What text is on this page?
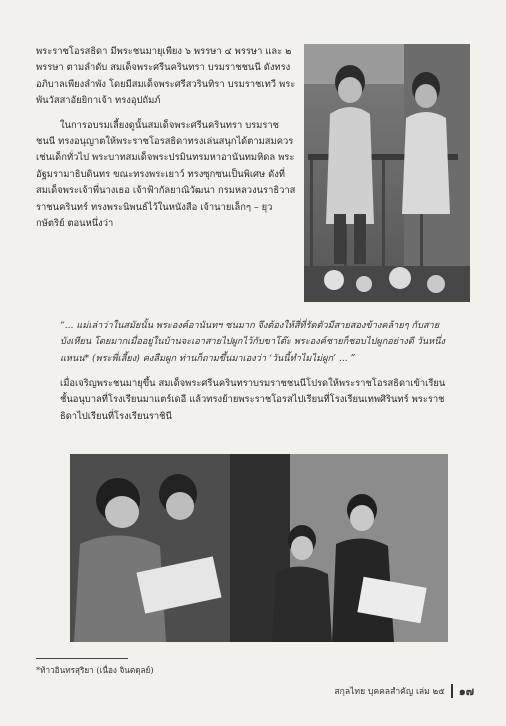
พระราชโอรสธิดา มีพระชนมายุเพียง ๖ พรรษา ๔ พรรษา และ ๒ พรรษา ตามลำดับ สมเด็จพระศรีนครินทรา บรมราชชนนี ดังทรงอภิบาลเพียงลำพัง โดยมีสมเด็จพระศรีสวรินทิรา บรมราชเทวี พระพันวัสสาอัยยิกาเจ้า ทรงอุปถัมภ์

ในการอบรมเลี้ยงดูนั้นสมเด็จพระศรีนครินทรา บรมราชชนนี ทรงอนุญาตให้พระราชโอรสธิดาทรงเล่นสนุกได้ตามสมควรเช่นเด็กทั่วไป พระบาทสมเด็จพระปรมินทรมหาอานันทมหิดล พระอัฐมรามาธิบดินทร ขณะทรงพระเยาว์ ทรงซุกซนเป็นพิเศษ ดังที่สมเด็จพระเจ้าพี่นางเธอ เจ้าฟ้ากัลยาณิวัฒนา กรมหลวงนราธิวาสราชนครินทร์ ทรงพระนิพนธ์ไว้ในหนังสือ เจ้านายเล็กๆ – ยุวกษัตริย์ ตอนหนึ่งว่า

“... แม่เล่าว่าในสมัยนั้น พระองค์อานันทฯ ซนมาก จึงต้องให้สี่ที่รัดตัวมีสายสองข้างคล้ายๆ กับสายบังเหียน โดยมากเมื่ออยู่ในบ้านจะเอาสายไปผูกไว้กับขาโต๊ะ พระองค์ชายก็ชอบไปผูกอย่างดี วันหนึ่งแหนน* (พระพี่เลี้ยง) คงลืมผูก ท่านก็ถามขึ้นมาเองว่า ‘วันนี้ทำไมไม่ผูก’ ... ”

เมื่อเจริญพระชนมายุขึ้น สมเด็จพระศรีนครินทราบรมราชชนนีโปรดให้พระราชโอรสธิดาเข้าเรียนชั้นอนุบาลที่โรงเรียนมาแตร์เดอี แล้วทรงย้ายพระราชโอรสไปเรียนที่โรงเรียนเทพศิรินทร์ พระราชธิดาไปเรียนที่โรงเรียนราชินี

*ท้าวอินทรสุริยา (เนื่อง จินตดุลย์)
สกุลไทย บุคคลสำคัญ เล่ม ๒๕ ๑๗
